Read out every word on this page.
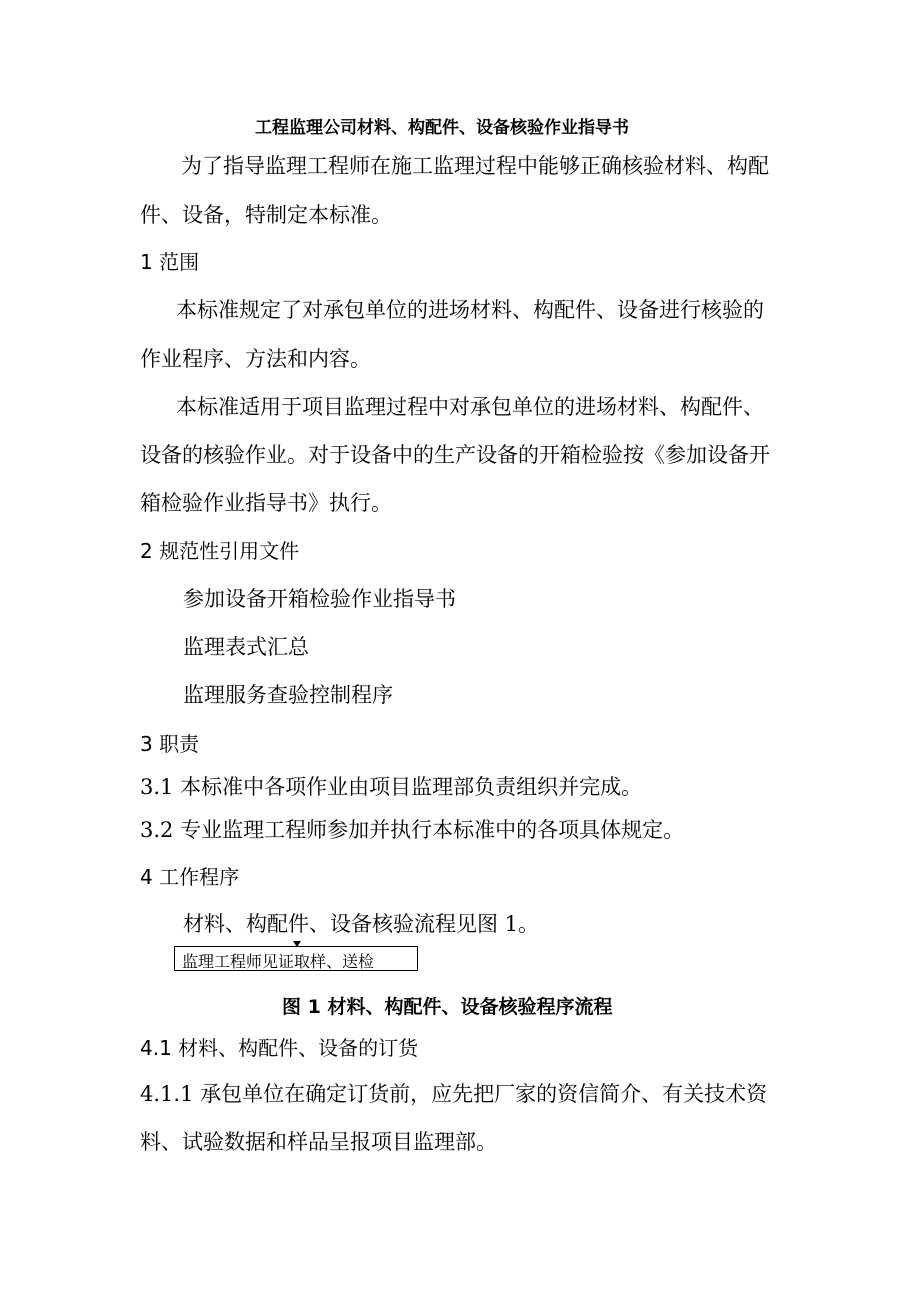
工程监理公司材料、构配件、设备核验作业指导书
为了指导监理工程师在施工监理过程中能够正确核验材料、构配
件、设备，特制定本标准。
1 范围
本标准规定了对承包单位的进场材料、构配件、设备进行核验的
作业程序、方法和内容。
本标准适用于项目监理过程中对承包单位的进场材料、构配件、
设备的核验作业。对于设备中的生产设备的开箱检验按《参加设备开
箱检验作业指导书》执行。
2 规范性引用文件
参加设备开箱检验作业指导书
监理表式汇总
监理服务查验控制程序
3 职责
3.1 本标准中各项作业由项目监理部负责组织并完成。
3.2 专业监理工程师参加并执行本标准中的各项具体规定。
4 工作程序
材料、构配件、设备核验流程见图 1。
监理工程师见证取样、送检
图 1 材料、构配件、设备核验程序流程
4.1 材料、构配件、设备的订货
4.1.1 承包单位在确定订货前，应先把厂家的资信简介、有关技术资
料、试验数据和样品呈报项目监理部。
